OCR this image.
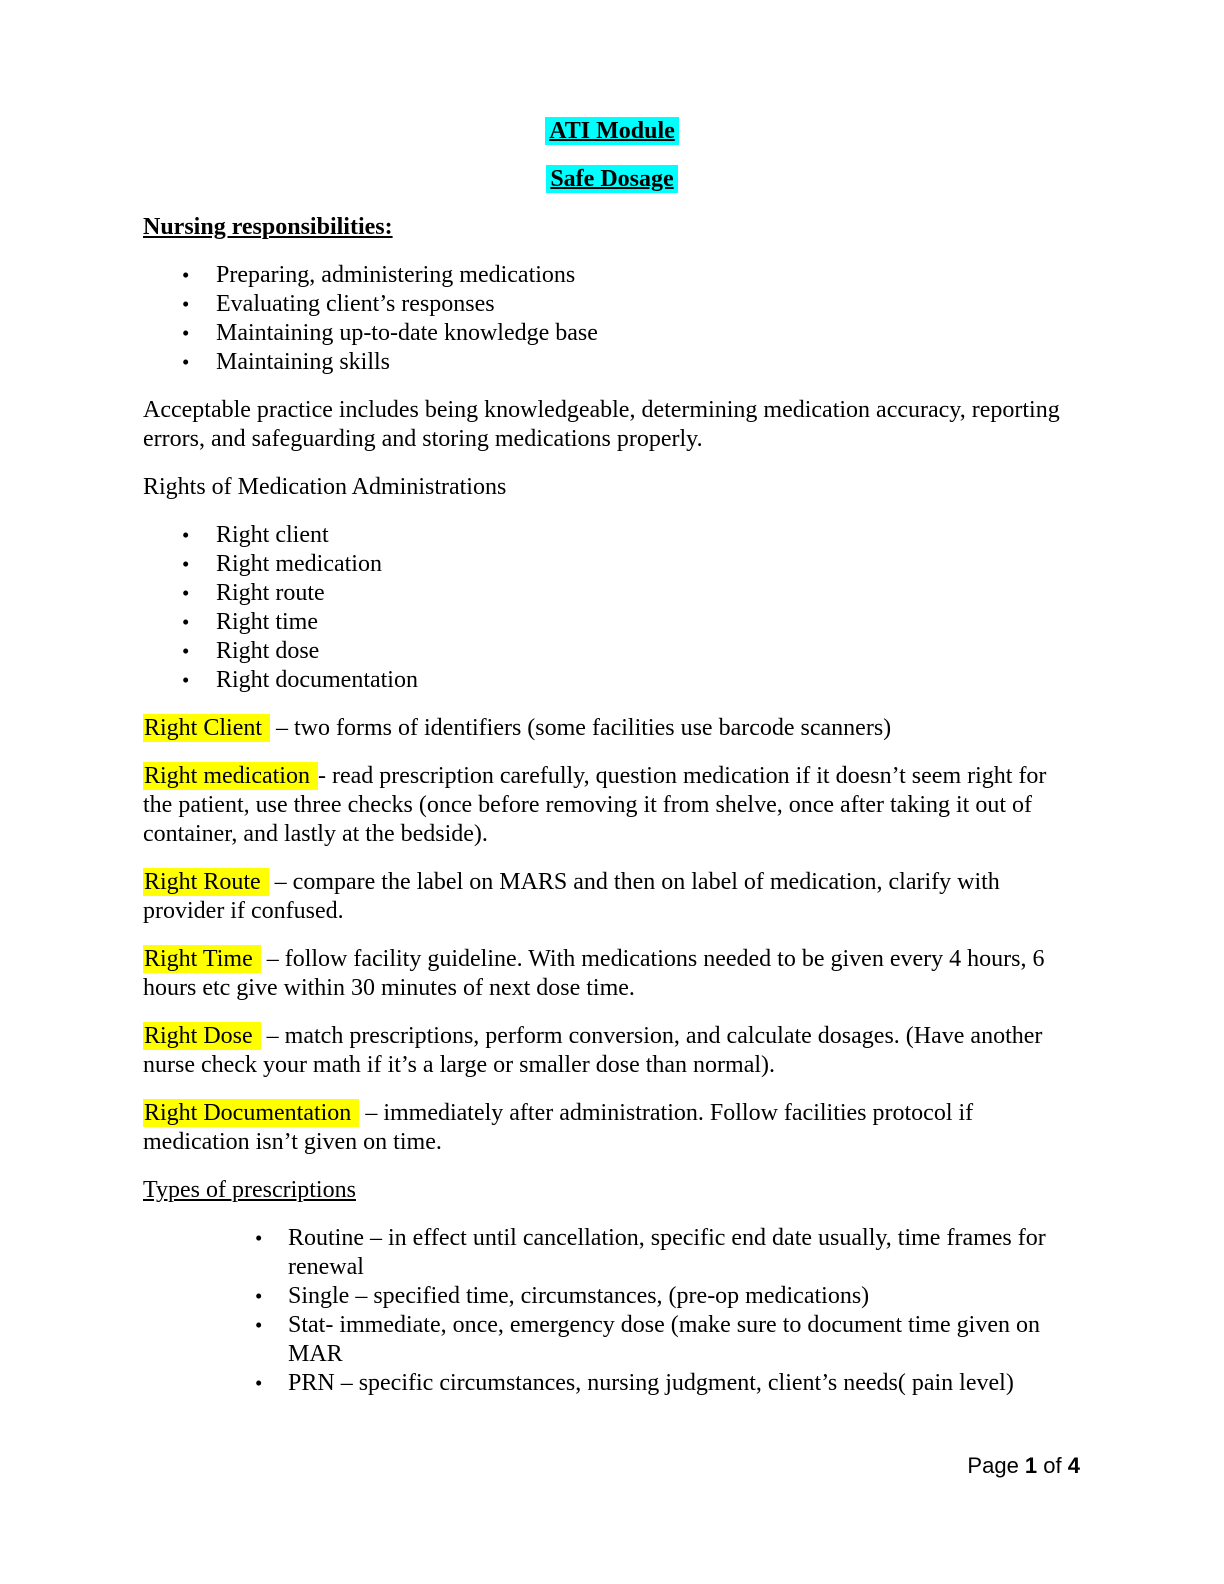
ATI Module

Safe Dosage

Nursing responsibilities:

• Preparing, administering medications
• Evaluating client’s responses
• Maintaining up-to-date knowledge base
• Maintaining skills

Acceptable practice includes being knowledgeable, determining medication accuracy, reporting errors, and safeguarding and storing medications properly.

Rights of Medication Administrations

• Right client
• Right medication
• Right route
• Right time
• Right dose
• Right documentation

Right Client – two forms of identifiers (some facilities use barcode scanners)

Right medication - read prescription carefully, question medication if it doesn’t seem right for the patient, use three checks (once before removing it from shelve, once after taking it out of container, and lastly at the bedside).

Right Route – compare the label on MARS and then on label of medication, clarify with provider if confused.

Right Time – follow facility guideline. With medications needed to be given every 4 hours, 6 hours etc give within 30 minutes of next dose time.

Right Dose – match prescriptions, perform conversion, and calculate dosages. (Have another nurse check your math if it’s a large or smaller dose than normal).

Right Documentation – immediately after administration. Follow facilities protocol if medication isn’t given on time.

Types of prescriptions

• Routine – in effect until cancellation, specific end date usually, time frames for renewal
• Single – specified time, circumstances, (pre-op medications)
• Stat- immediate, once, emergency dose (make sure to document time given on MAR
• PRN – specific circumstances, nursing judgment, client’s needs( pain level)
Page 1 of 4
